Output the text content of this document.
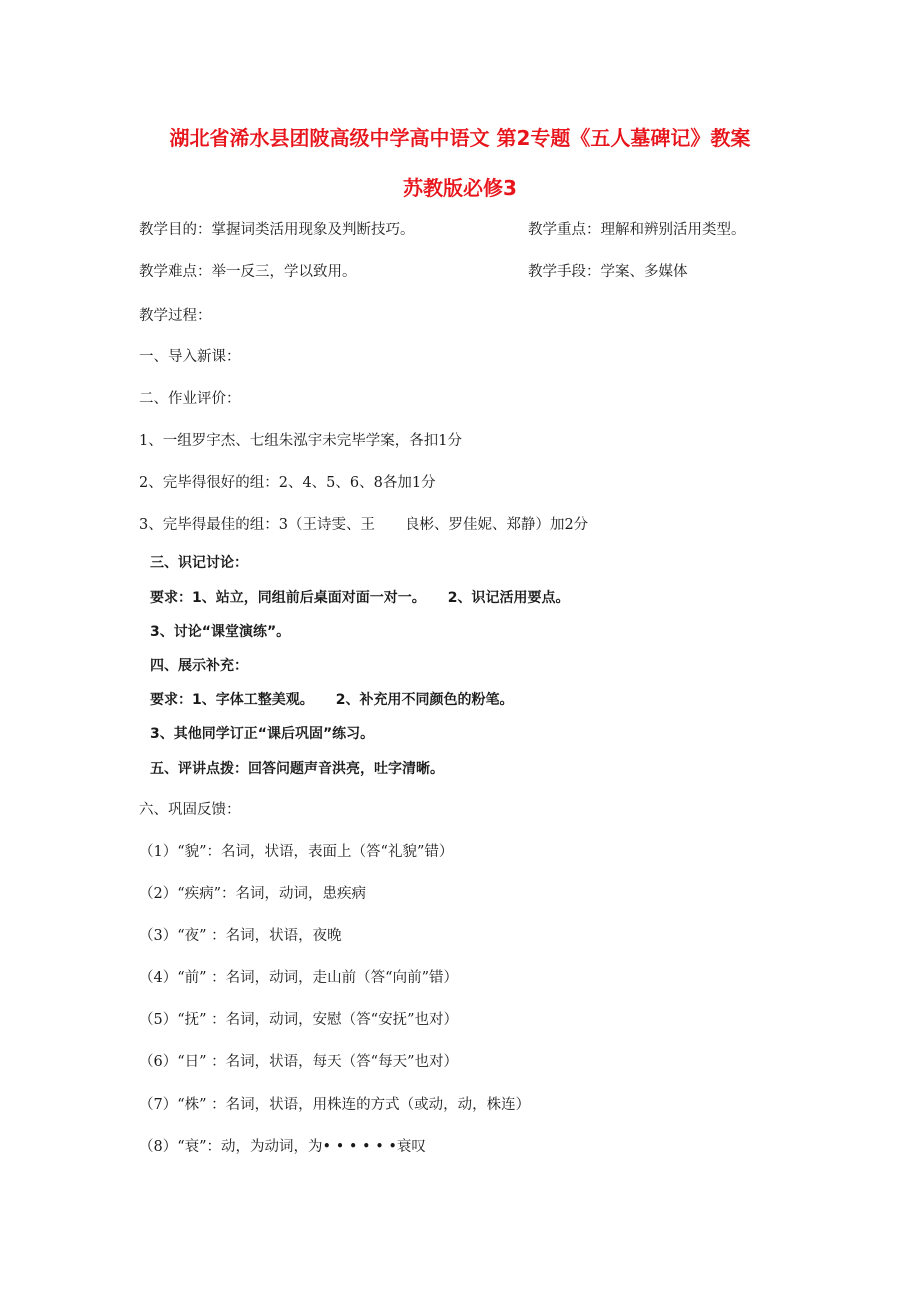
湖北省浠水县团陂高级中学高中语文 第2专题《五人墓碑记》教案
苏教版必修3
教学目的：掌握词类活用现象及判断技巧。	教学重点：理解和辨别活用类型。
教学难点：举一反三，学以致用。	教学手段：学案、多媒体
教学过程：
一、导入新课：
二、作业评价：
1、一组罗宇杰、七组朱泓宇未完毕学案，各扣1分
2、完毕得很好的组：2、4、5、6、8各加1分
3、完毕得最佳的组：3（王诗雯、王 良彬、罗佳妮、郑静）加2分
三、识记讨论：
要求：1、站立，同组前后桌面对面一对一。 2、识记活用要点。
3、讨论“课堂演练”。
四、展示补充：
要求：1、字体工整美观。 2、补充用不同颜色的粉笔。
3、其他同学订正“课后巩固”练习。
五、评讲点拨：回答问题声音洪亮，吐字清晰。
六、巩固反馈：
（1）“貌”：名词，状语，表面上（答“礼貌”错）
（2）“疾病”：名词，动词，患疾病
（3）“夜” ：名词，状语，夜晚
（4）“前” ：名词，动词，走山前（答“向前”错）
（5）“抚” ：名词，动词，安慰（答“安抚”也对）
（6）“日” ：名词，状语，每天（答“每天”也对）
（7）“株” ：名词，状语，用株连的方式（或动，动，株连）
（8）“衰”：动，为动词，为• • • • • •衰叹
